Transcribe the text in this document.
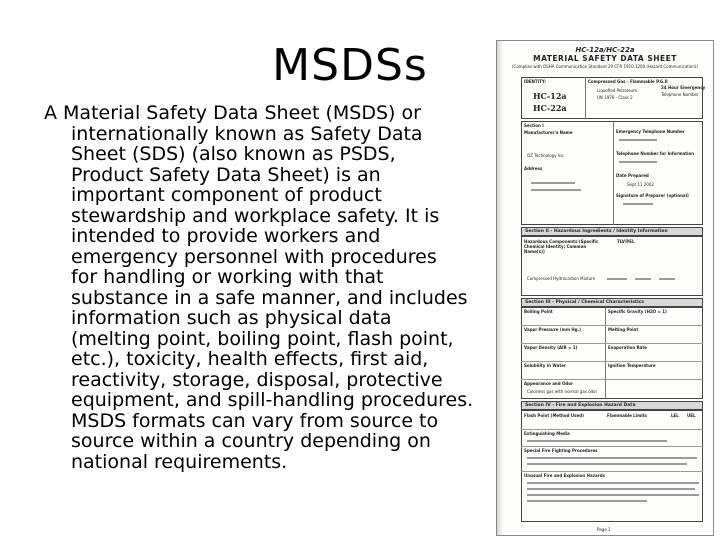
MSDSs
A Material Safety Data Sheet (MSDS) or
internationally known as Safety Data
Sheet (SDS) (also known as PSDS,
Product Safety Data Sheet) is an
important component of product
stewardship and workplace safety. It is
intended to provide workers and
emergency personnel with procedures
for handling or working with that
substance in a safe manner, and includes
information such as physical data
(melting point, boiling point, flash point,
etc.), toxicity, health effects, first aid,
reactivity, storage, disposal, protective
equipment, and spill-handling procedures.
MSDS formats can vary from source to
source within a country depending on
national requirements.
HC-12a/HC-22a
MATERIAL SAFETY DATA SHEET
(Complies with OSHA Communication Standard 29 CFR 1910.1200 (Hazard Communication))
IDENTITY:
HC-12a
HC-22a
Compressed Gas - Flammable P.G.II
Liquefied Petroleum
UN 1978 - Class 2
24 Hour Emergency
Telephone Number
Section I
Manufacturer's Name
OZ Technology Inc.
Address
Emergency Telephone Number
Telephone Number for Information
Date Prepared
Sept 11 2002
Signature of Preparer (optional)
Section II - Hazardous Ingredients / Identity Information
Hazardous Components (Specific Chemical Identity; Common Name(s))
Compressed Hydrocarbon Mixture
TLV/PEL
Section III - Physical / Chemical Characteristics
Boiling Point	Specific Gravity (H2O = 1)
Vapor Pressure (mm Hg.)	Melting Point
Vapor Density (AIR = 1)	Evaporation Rate
Solubility in Water	Ignition Temperature
Appearance and Odor
Colorless gas with normal gas odor
Section IV - Fire and Explosion Hazard Data
Flash Point (Method Used)	Flammable Limits	LEL UEL
Extinguishing Media
Special Fire Fighting Procedures
Unusual Fire and Explosion Hazards
Page 1
